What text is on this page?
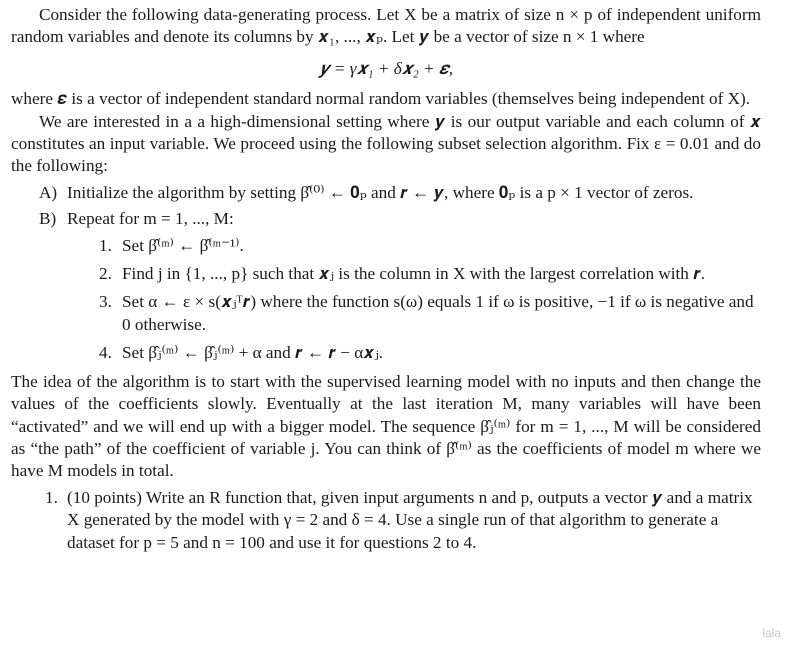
Consider the following data-generating process. Let X be a matrix of size n × p of independent uniform random variables and denote its columns by 𝒙₁, ..., 𝒙ₚ. Let 𝒚 be a vector of size n × 1 where

𝒚 = γ𝒙₁ + δ𝒙₂ + 𝜺,

where 𝜺 is a vector of independent standard normal random variables (themselves being independent of X).

We are interested in a a high-dimensional setting where 𝒚 is our output variable and each column of 𝒙 constitutes an input variable. We proceed using the following subset selection algorithm. Fix ε = 0.01 and do the following:

A) Initialize the algorithm by setting β̂⁽⁰⁾ ← 𝟎ₚ and 𝒓 ← 𝒚, where 𝟎ₚ is a p × 1 vector of zeros.
B) Repeat for m = 1, ..., M:
1. Set β̂⁽ᵐ⁾ ← β̂⁽ᵐ⁻¹⁾.
2. Find j in {1, ..., p} such that 𝒙ⱼ is the column in X with the largest correlation with 𝒓.
3. Set α ← ε × s(𝒙ⱼᵀ𝒓) where the function s(ω) equals 1 if ω is positive, −1 if ω is negative and 0 otherwise.
4. Set β̂ⱼ⁽ᵐ⁾ ← β̂ⱼ⁽ᵐ⁾ + α and 𝒓 ← 𝒓 − α𝒙ⱼ.

The idea of the algorithm is to start with the supervised learning model with no inputs and then change the values of the coefficients slowly. Eventually at the last iteration M, many variables will have been “activated” and we will end up with a bigger model. The sequence β̂ⱼ⁽ᵐ⁾ for m = 1, ..., M will be considered as “the path” of the coefficient of variable j. You can think of β̂⁽ᵐ⁾ as the coefficients of model m where we have M models in total.

1. (10 points) Write an R function that, given input arguments n and p, outputs a vector 𝒚 and a matrix X generated by the model with γ = 2 and δ = 4. Use a single run of that algorithm to generate a dataset for p = 5 and n = 100 and use it for questions 2 to 4.
lala
